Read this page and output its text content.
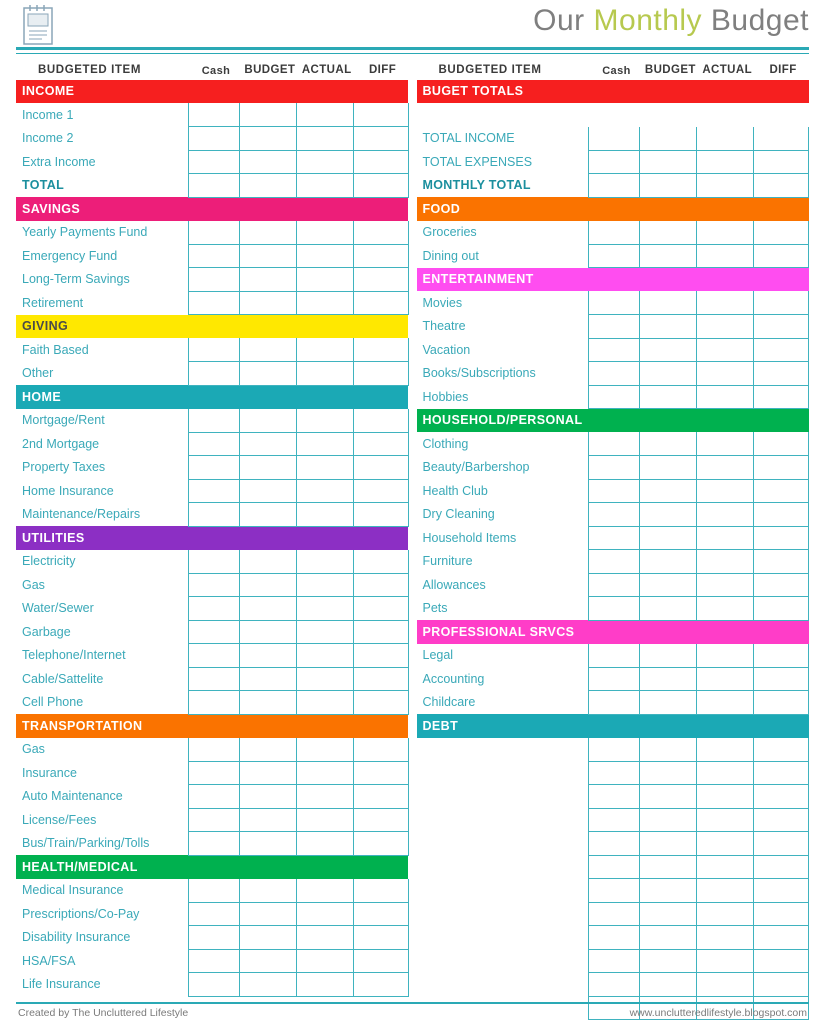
Our Monthly Budget
BUDGETED ITEM	Cash	BUDGET	ACTUAL	DIFF
INCOME				
Income 1				
Income 2				
Extra Income				
TOTAL				
SAVINGS				
Yearly Payments Fund				
Emergency Fund				
Long-Term Savings				
Retirement				
GIVING				
Faith Based				
Other				
HOME				
Mortgage/Rent				
2nd Mortgage				
Property Taxes				
Home Insurance				
Maintenance/Repairs				
UTILITIES				
Electricity				
Gas				
Water/Sewer				
Garbage				
Telephone/Internet				
Cable/Sattelite				
Cell Phone				
TRANSPORTATION				
Gas				
Insurance				
Auto Maintenance				
License/Fees				
Bus/Train/Parking/Tolls				
HEALTH/MEDICAL				
Medical Insurance				
Prescriptions/Co-Pay				
Disability Insurance				
HSA/FSA				
Life Insurance				
BUDGETED ITEM	Cash	BUDGET	ACTUAL	DIFF
BUGET TOTALS				

TOTAL INCOME				
TOTAL EXPENSES				
MONTHLY TOTAL				
FOOD				
Groceries				
Dining out				
ENTERTAINMENT				
Movies				
Theatre				
Vacation				
Books/Subscriptions				
Hobbies				
HOUSEHOLD/PERSONAL				
Clothing				
Beauty/Barbershop				
Health Club				
Dry Cleaning				
Household Items				
Furniture				
Allowances				
Pets				
PROFESSIONAL SRVCS				
Legal				
Accounting				
Childcare				
DEBT				

Created by The Uncluttered Lifestyle	www.unclutteredlifestyle.blogspot.com
